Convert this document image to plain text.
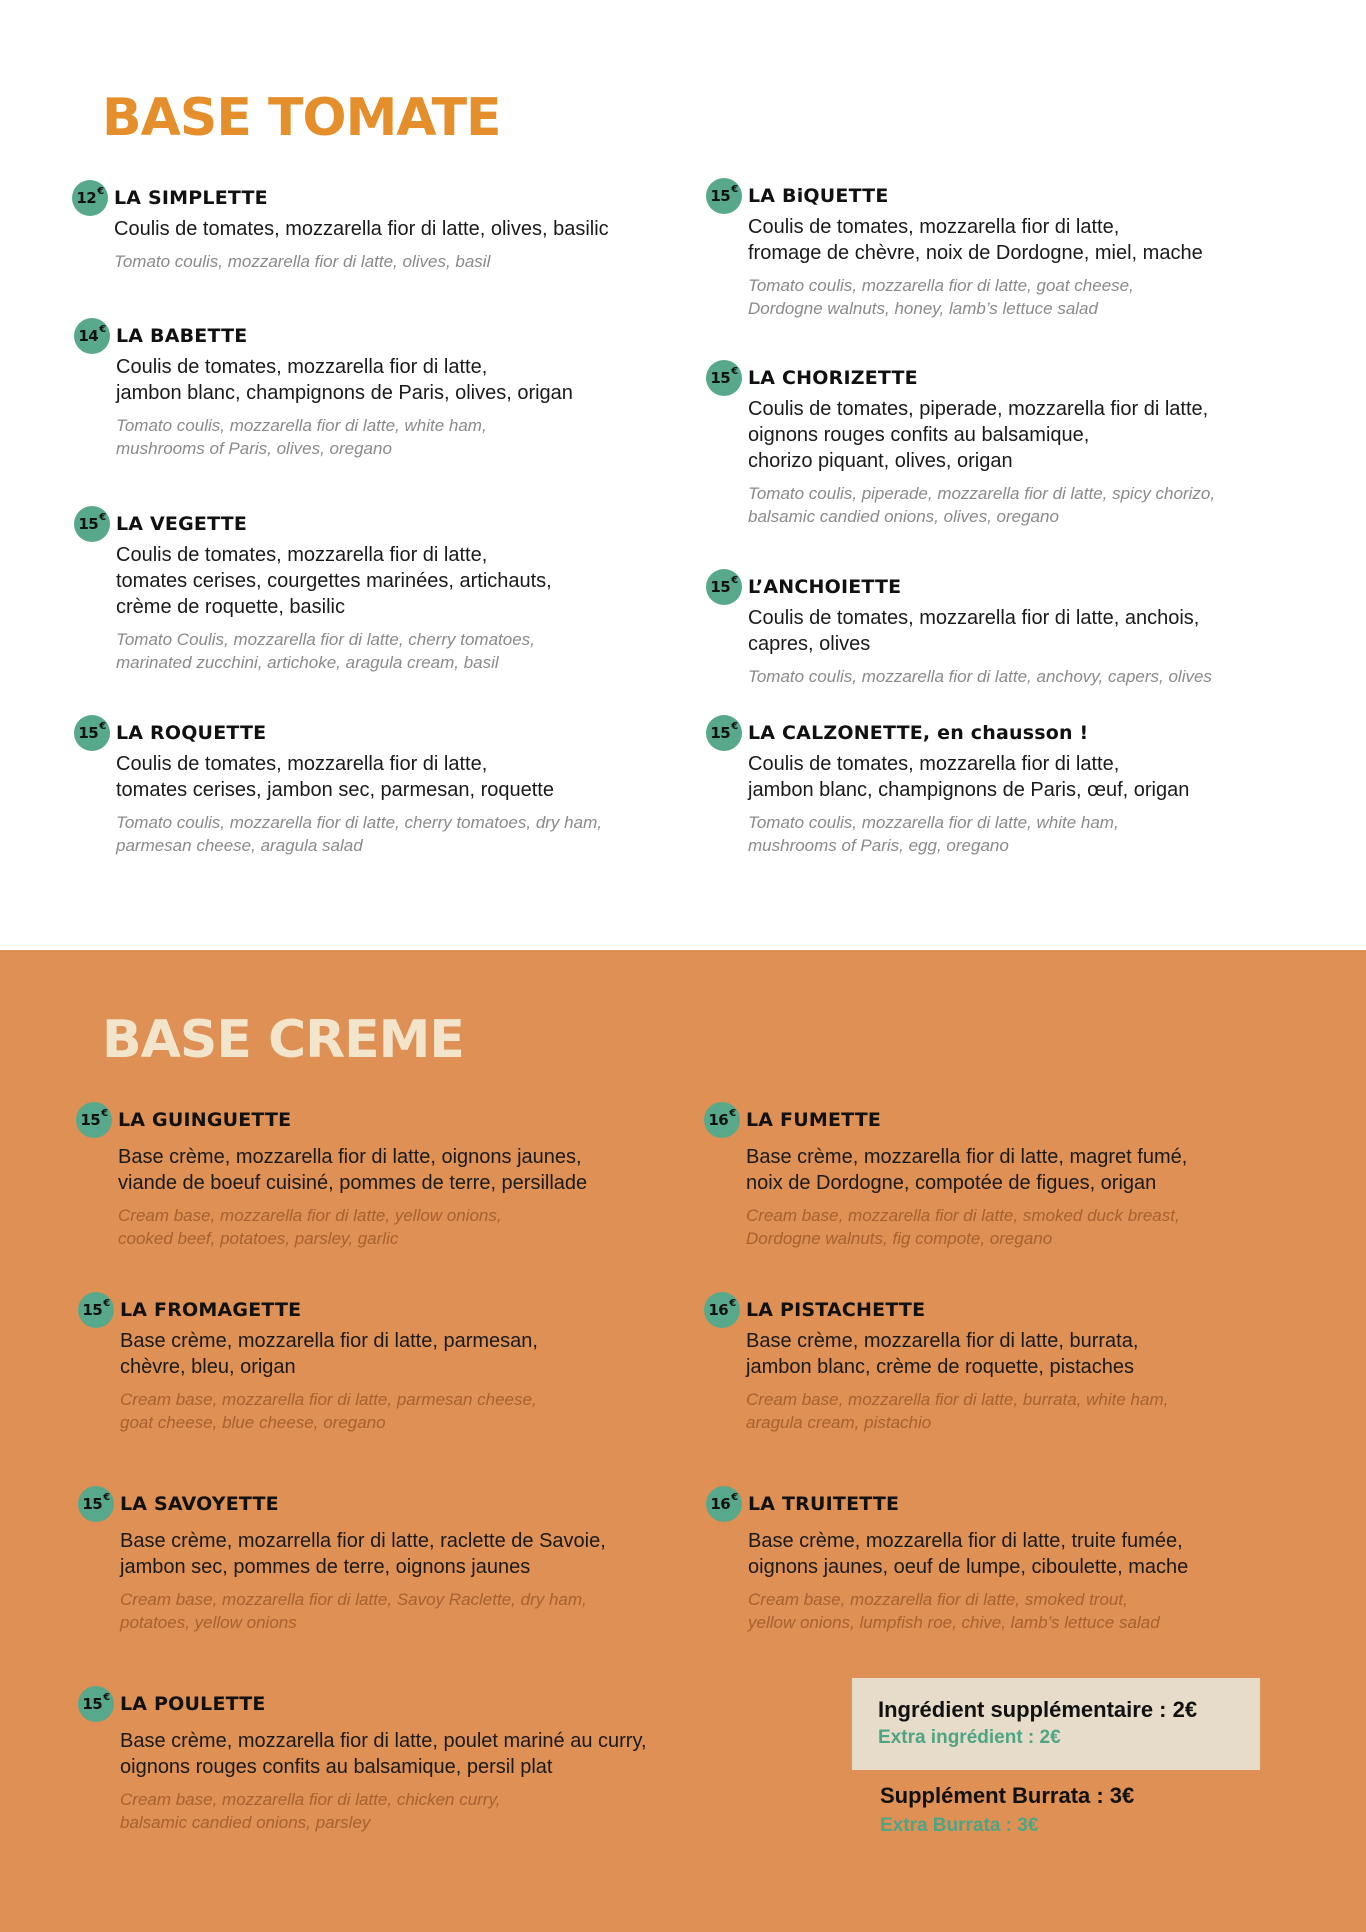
BASE TOMATE
BASE CREME
12 € LA SIMPLETTE
Coulis de tomates, mozzarella fior di latte, olives, basilic
Tomato coulis, mozzarella fior di latte, olives, basil
14 € LA BABETTE
Coulis de tomates, mozzarella fior di latte,
jambon blanc, champignons de Paris, olives, origan
Tomato coulis, mozzarella fior di latte, white ham,
mushrooms of Paris, olives, oregano
15 € LA VEGETTE
Coulis de tomates, mozzarella fior di latte,
tomates cerises, courgettes marinées, artichauts,
crème de roquette, basilic
Tomato Coulis, mozzarella fior di latte, cherry tomatoes,
marinated zucchini, artichoke, aragula cream, basil
15 € LA ROQUETTE
Coulis de tomates, mozzarella fior di latte,
tomates cerises, jambon sec, parmesan, roquette
Tomato coulis, mozzarella fior di latte, cherry tomatoes, dry ham,
parmesan cheese, aragula salad
15 € LA BiQUETTE
Coulis de tomates, mozzarella fior di latte,
fromage de chèvre, noix de Dordogne, miel, mache
Tomato coulis, mozzarella fior di latte, goat cheese,
Dordogne walnuts, honey, lamb’s lettuce salad
15 € LA CHORIZETTE
Coulis de tomates, piperade, mozzarella fior di latte,
oignons rouges confits au balsamique,
chorizo piquant, olives, origan
Tomato coulis, piperade, mozzarella fior di latte, spicy chorizo,
balsamic candied onions, olives, oregano
15 € L’ANCHOIETTE
Coulis de tomates, mozzarella fior di latte, anchois,
capres, olives
Tomato coulis, mozzarella fior di latte, anchovy, capers, olives
15 € LA CALZONETTE, en chausson !
Coulis de tomates, mozzarella fior di latte,
jambon blanc, champignons de Paris, œuf, origan
Tomato coulis, mozzarella fior di latte, white ham,
mushrooms of Paris, egg, oregano
15 € LA GUINGUETTE
Base crème, mozzarella fior di latte, oignons jaunes,
viande de boeuf cuisiné, pommes de terre, persillade
Cream base, mozzarella fior di latte, yellow onions,
cooked beef, potatoes, parsley, garlic
15 € LA FROMAGETTE
Base crème, mozzarella fior di latte, parmesan,
chèvre, bleu, origan
Cream base, mozzarella fior di latte, parmesan cheese,
goat cheese, blue cheese, oregano
15 € LA SAVOYETTE
Base crème, mozarrella fior di latte, raclette de Savoie,
jambon sec, pommes de terre, oignons jaunes
Cream base, mozzarella fior di latte, Savoy Raclette, dry ham,
potatoes, yellow onions
15 € LA POULETTE
Base crème, mozzarella fior di latte, poulet mariné au curry,
oignons rouges confits au balsamique, persil plat
Cream base, mozzarella fior di latte, chicken curry,
balsamic candied onions, parsley
16 € LA FUMETTE
Base crème, mozzarella fior di latte, magret fumé,
noix de Dordogne, compotée de figues, origan
Cream base, mozzarella fior di latte, smoked duck breast,
Dordogne walnuts, fig compote, oregano
16 € LA PISTACHETTE
Base crème, mozzarella fior di latte, burrata,
jambon blanc, crème de roquette, pistaches
Cream base, mozzarella fior di latte, burrata, white ham,
aragula cream, pistachio
16 € LA TRUITETTE
Base crème, mozzarella fior di latte, truite fumée,
oignons jaunes, oeuf de lumpe, ciboulette, mache
Cream base, mozzarella fior di latte, smoked trout,
yellow onions, lumpfish roe, chive, lamb’s lettuce salad
Ingrédient supplémentaire : 2€
Extra ingrédient : 2€
Supplément Burrata : 3€
Extra Burrata : 3€
